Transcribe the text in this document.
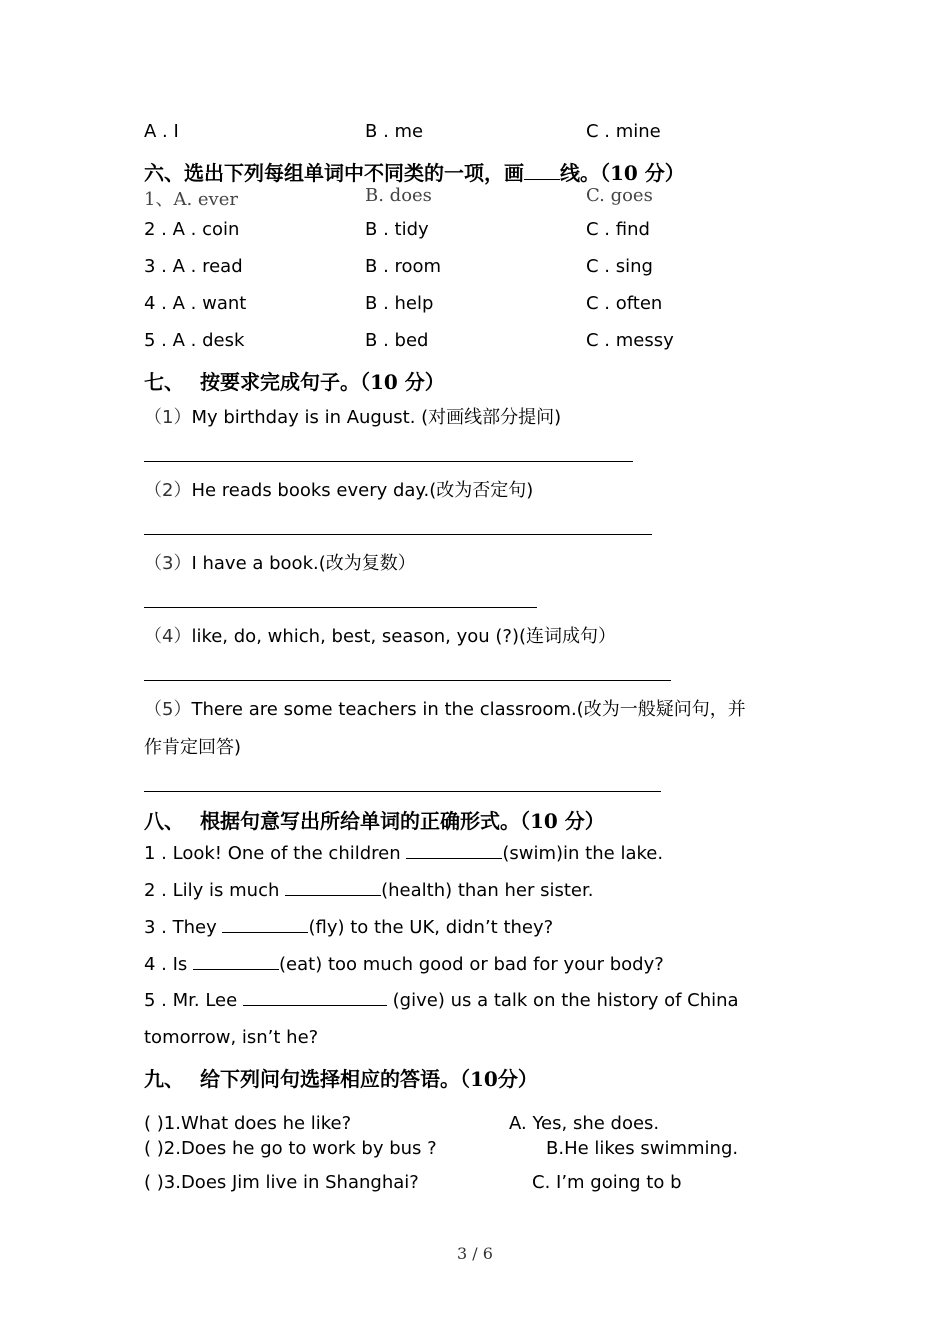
A . I	B . me	C . mine
六、选出下列每组单词中不同类的一项，画 线。（10 分）
1、A. ever	B. does	C. goes
2 . A . coin	B . tidy	C . find
3 . A . read	B . room	C . sing
4 . A . want	B . help	C . often
5 . A . desk	B . bed	C . messy
七、 按要求完成句子。（10 分）
（1）My birthday is in August. (对画线部分提问)
（2）He reads books every day.(改为否定句)
（3）I have a book.(改为复数）
（4）like, do, which, best, season, you (?)(连词成句）
（5）There are some teachers in the classroom.(改为一般疑问句，并
作肯定回答)
八、 根据句意写出所给单词的正确形式。（10 分）
1 . Look! One of the children	(swim)in the lake.
2 . Lily is much	(health) than her sister.
3 . They	(fly) to the UK, didn’t they?
4 . Is	(eat) too much good or bad for your body?
5 . Mr. Lee	(give) us a talk on the history of China
tomorrow, isn’t he?
九、 给下列问句选择相应的答语。（10分）
( )1.What does he like?	A. Yes, she does.
( )2.Does he go to work by bus ?	B.He likes swimming.
( )3.Does Jim live in Shanghai?	C. I’m going to b
3 / 6
